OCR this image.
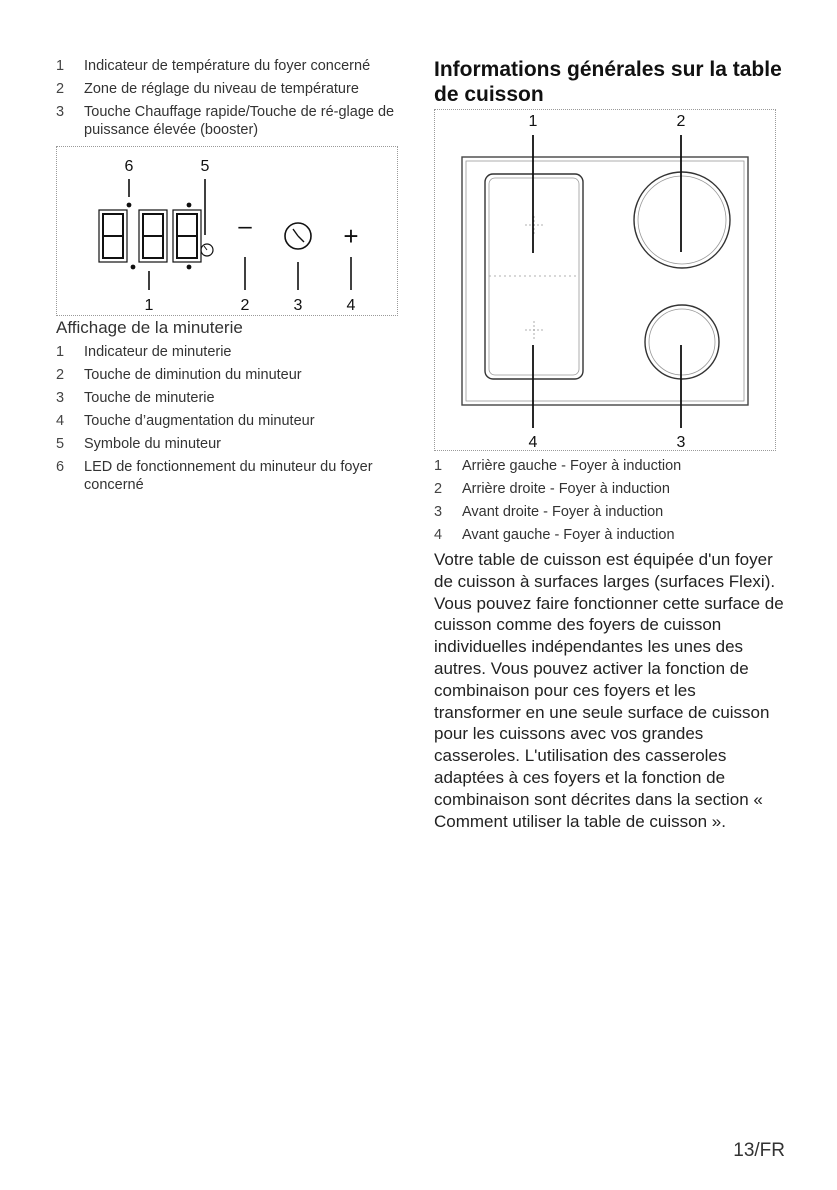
1	Indicateur de température du foyer concerné
2	Zone de réglage du niveau de température
3	Touche Chauffage rapide/Touche de ré-glage de puissance élevée (booster)
6	5
–	+
1	2	3	4
Affichage de la minuterie
1	Indicateur de minuterie
2	Touche de diminution du minuteur
3	Touche de minuterie
4	Touche d’augmentation du minuteur
5	Symbole du minuteur
6	LED de fonctionnement du minuteur du foyer concerné
Informations générales sur la table de cuisson
1	2
4	3
1	Arrière gauche - Foyer à induction
2	Arrière droite - Foyer à induction
3	Avant droite - Foyer à induction
4	Avant gauche - Foyer à induction

Votre table de cuisson est équipée d'un foyer de cuisson à surfaces larges (surfaces Flexi). Vous pouvez faire fonctionner cette surface de cuisson comme des foyers de cuisson individuelles indépendantes les unes des autres. Vous pouvez activer la fonction de combinaison pour ces foyers et les transformer en une seule surface de cuisson pour les cuissons avec vos grandes casseroles. L'utilisation des casseroles adaptées à ces foyers et la fonction de combinaison sont décrites dans la section « Comment utiliser la table de cuisson ».

13/FR
